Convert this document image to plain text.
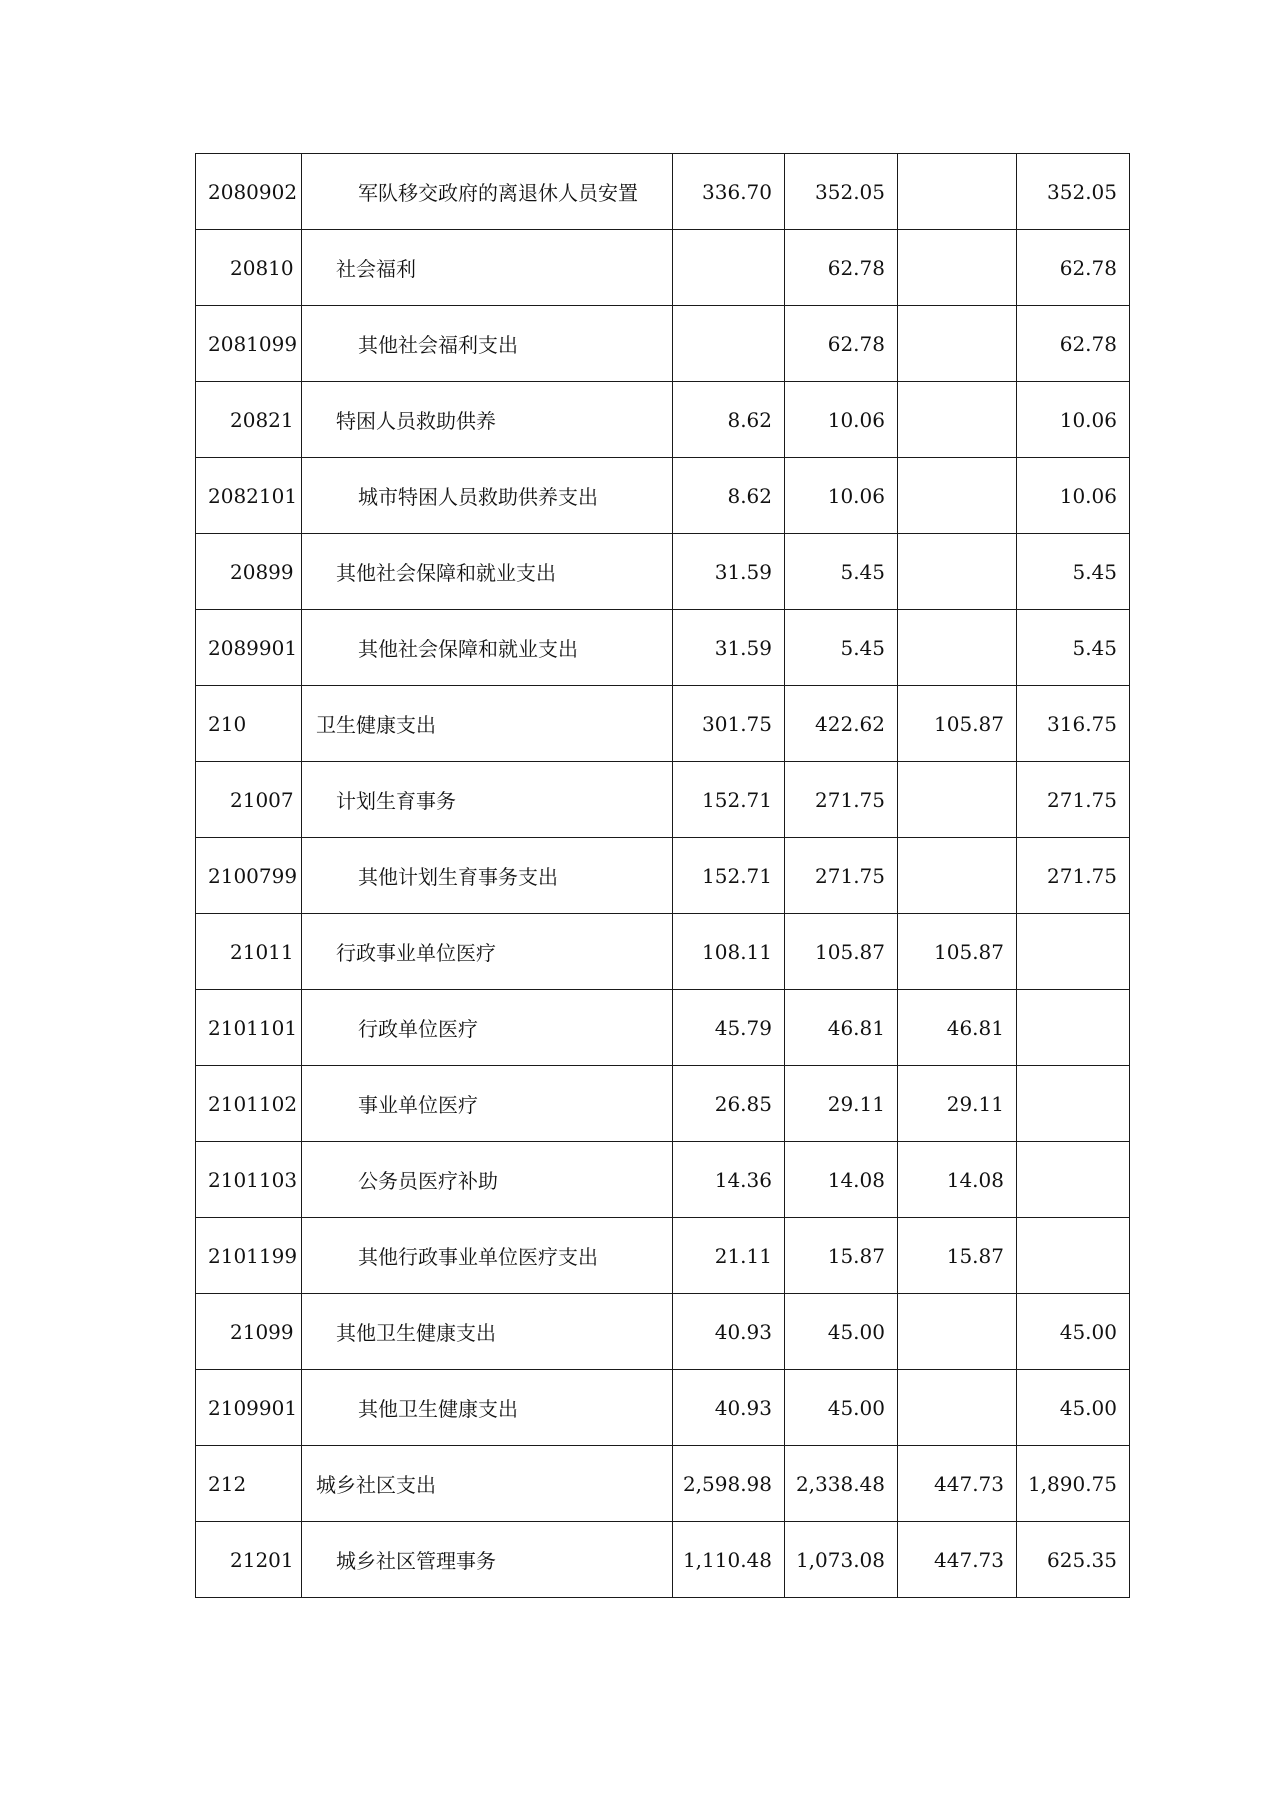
2080902	军队移交政府的离退休人员安置	336.70	352.05		352.05
20810	社会福利		62.78		62.78
2081099	其他社会福利支出		62.78		62.78
20821	特困人员救助供养	8.62	10.06		10.06
2082101	城市特困人员救助供养支出	8.62	10.06		10.06
20899	其他社会保障和就业支出	31.59	5.45		5.45
2089901	其他社会保障和就业支出	31.59	5.45		5.45
210	卫生健康支出	301.75	422.62	105.87	316.75
21007	计划生育事务	152.71	271.75		271.75
2100799	其他计划生育事务支出	152.71	271.75		271.75
21011	行政事业单位医疗	108.11	105.87	105.87	
2101101	行政单位医疗	45.79	46.81	46.81	
2101102	事业单位医疗	26.85	29.11	29.11	
2101103	公务员医疗补助	14.36	14.08	14.08	
2101199	其他行政事业单位医疗支出	21.11	15.87	15.87	
21099	其他卫生健康支出	40.93	45.00		45.00
2109901	其他卫生健康支出	40.93	45.00		45.00
212	城乡社区支出	2,598.98	2,338.48	447.73	1,890.75
21201	城乡社区管理事务	1,110.48	1,073.08	447.73	625.35
